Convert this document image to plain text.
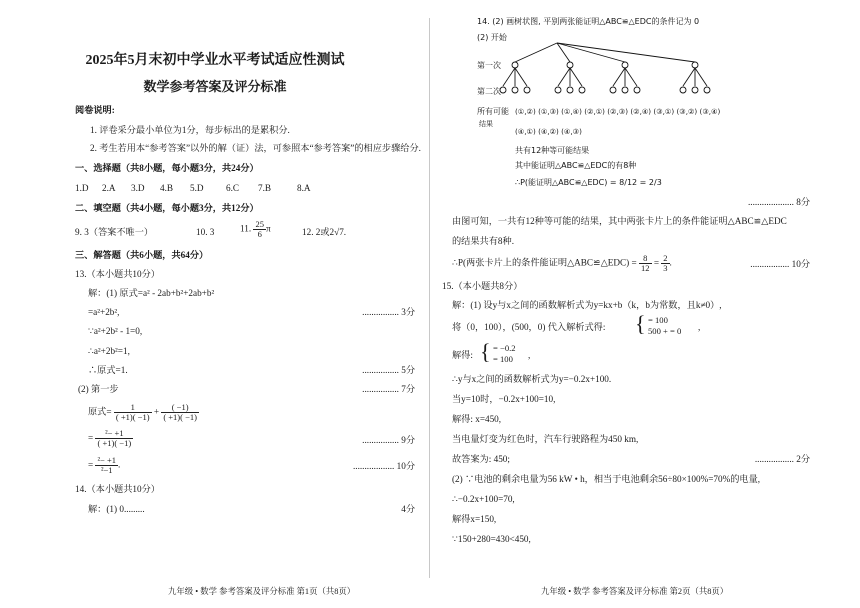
2025年5月末初中学业水平考试适应性测试
数学参考答案及评分标准
阅卷说明:
1. 评卷采分最小单位为1分，每步标出的是累积分.
2. 考生若用本“参考答案”以外的解（证）法，可参照本“参考答案”的相应步骤给分.
一、选择题（共8小题，每小题3分，共24分）
1.D 2.A 3.D 4.B 5.D 6.C 7.B	8.A
二、填空题（共4小题，每小题3分，共12分）
9. 3（答案不唯一）	10. 3	11. $\frac{25}{6}$ π	12. 2或2√7.
三、解答题（共6小题，共64分）
13.（本小题共10分）
解：(1) 原式=a² - 2ab+b²+2ab+b²
=a²+2b²,	................ 3分
∵a²+2b² - 1=0,
∴a²+2b²=1,
∴原式=1.	................ 5分
(2) 第一步	................ 7分
原式= $\frac{1}{( +1)( -1)} + \frac{( -1)}{( +1)( -1)}$
= $\frac{\text{²− +1}}{( +1)( -1)}$	................ 9分
= $\frac{\text{²− +1}}{\text{²−1}}$ .	.................. 10分
14.（本小题共10分）
解：(1) 0.........	4分
九年级 • 数学 参考答案及评分标准 第1页（共8页）
14. (2) 画树状图, 平别两张能证明△ABC≌△EDC的条件记为 0
(2) 开始
第一次
第二次
所有可能
结果
(①,②) (①,③) (①,④) (②,①) (②,③) (②,④) (③,①) (③,②) (③,④)
(④,①) (④,②) (④,③)
共有12种等可能结果
其中能证明△ABC≌△EDC的有8种
∴P(能证明△ABC≌△EDC) = 8/12 = 2/3
.................... 8分
由图可知，一共有12种等可能的结果，其中两张卡片上的条件能证明△ABC≌△EDC
的结果共有8种.
∴P(两张卡片上的条件能证明△ABC≌△EDC) = $\frac{8}{12} = \frac{2}{3}$ .	................. 10分
15.（本小题共8分）
解：(1) 设y与x之间的函数解析式为y=kx+b（k，b为常数，且k≠0）,
将（0，100），(500，0) 代入解析式得: { = 100
500 + = 0 ,
解得: { = −0.2
= 100 ,
∴y与x之间的函数解析式为y=−0.2x+100.
当y=10时，−0.2x+100=10,
解得: x=450,
当电量灯变为红色时，汽车行驶路程为450 km,
故答案为: 450;	................. 2分
(2) ∵电池的剩余电量为56 kW • h，相当于电池剩余56÷80×100%=70%的电量,
∴−0.2x+100=70,
解得x=150,
∵150+280=430<450,
九年级 • 数学 参考答案及评分标准 第2页（共8页）
